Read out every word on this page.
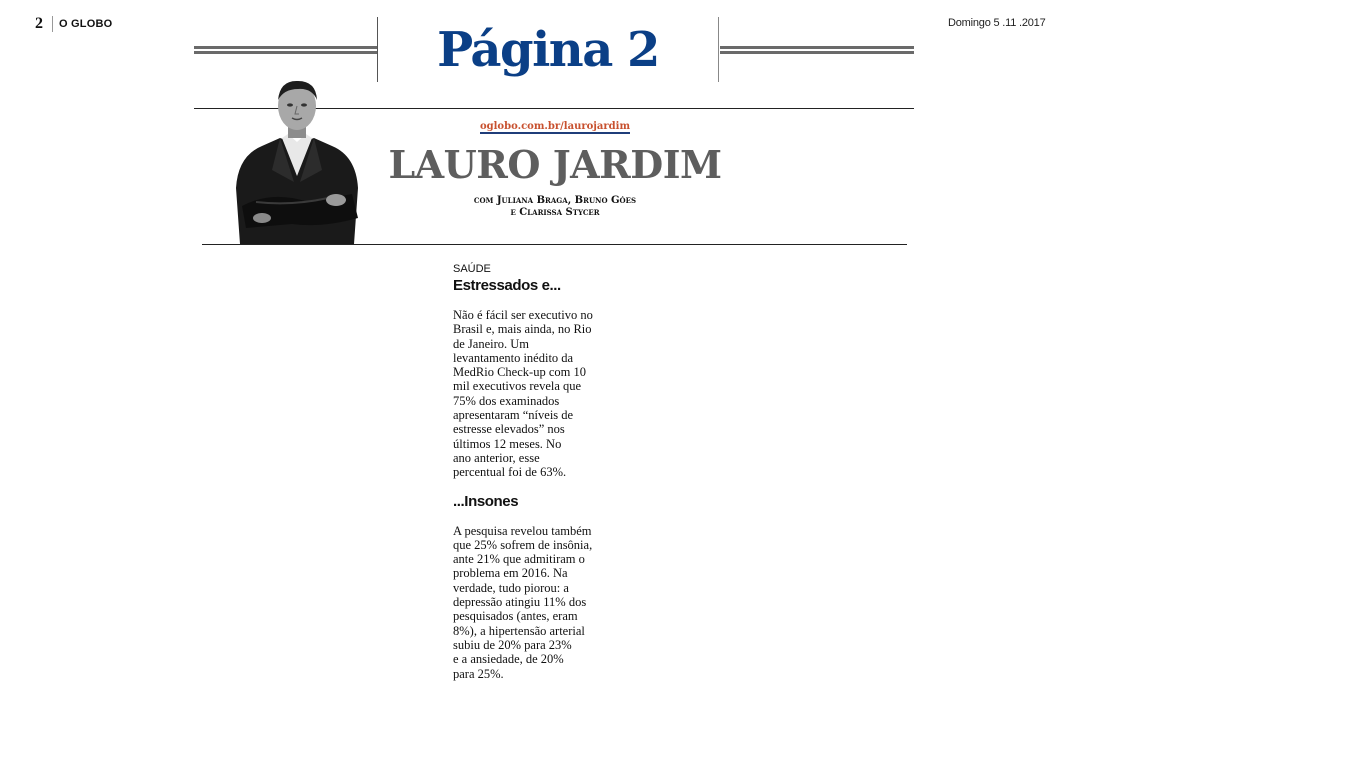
2 O GLOBO	Domingo 5 .11 .2017
Página 2
oglobo.com.br/laurojardim
LAURO JARDIM
com Juliana Braga, Bruno Góes
e Clarissa Stycer

SAÚDE

Estressados e...

Não é fácil ser executivo no
Brasil e, mais ainda, no Rio
de Janeiro. Um
levantamento inédito da
MedRio Check-up com 10
mil executivos revela que
75% dos examinados
apresentaram “níveis de
estresse elevados” nos
últimos 12 meses. No
ano anterior, esse
percentual foi de 63%.

...Insones

A pesquisa revelou também
que 25% sofrem de insônia,
ante 21% que admitiram o
problema em 2016. Na
verdade, tudo piorou: a
depressão atingiu 11% dos
pesquisados (antes, eram
8%), a hipertensão arterial
subiu de 20% para 23%
e a ansiedade, de 20%
para 25%.
